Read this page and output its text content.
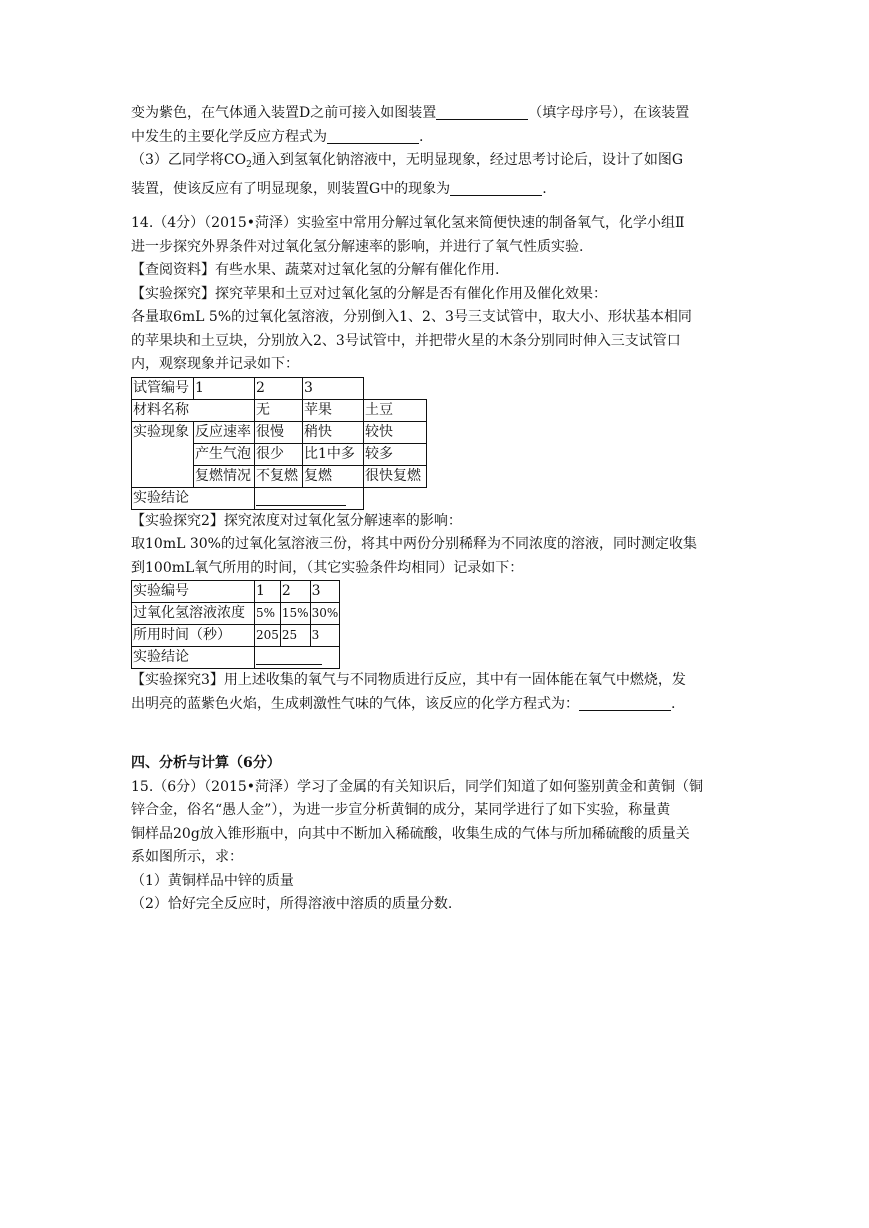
变为紫色，在气体通入装置D之前可接入如图装置	（填字母序号），在该装置

中发生的主要化学反应方程式为	.

（3）乙同学将$CO_2$通入到氢氧化钠溶液中，无明显现象，经过思考讨论后，设计了如图G

装置，使该反应有了明显现象，则装置G中的现象为	.

14.（4分）（2015•菏泽）实验室中常用分解过氧化氢来简便快速的制备氧气，化学小组Ⅱ

进一步探究外界条件对过氧化氢分解速率的影响，并进行了氧气性质实验.

【查阅资料】有些水果、蔬菜对过氧化氢的分解有催化作用.

【实验探究】探究苹果和土豆对过氧化氢的分解是否有催化作用及催化效果：

各量取6mL 5%的过氧化氢溶液，分别倒入1、2、3号三支试管中，取大小、形状基本相同

的苹果块和土豆块，分别放入2、3号试管中，并把带火星的木条分别同时伸入三支试管口

内，观察现象并记录如下：

试管编号	1	2	3	
材料名称		无	苹果	土豆
实验现象	反应速率	很慢	稍快	较快
	产生气泡	很少	比1中多	较多
	复燃情况	不复燃	复燃	很快复燃
实验结论			

【实验探究2】探究浓度对过氧化氢分解速率的影响：

取10mL 30%的过氧化氢溶液三份，将其中两份分别稀释为不同浓度的溶液，同时测定收集

到100mL氧气所用的时间，（其它实验条件均相同）记录如下：

实验编号	1	2	3
过氧化氢溶液浓度	5%	15%	30%
所用时间（秒）	205	25	3
实验结论			

【实验探究3】用上述收集的氧气与不同物质进行反应，其中有一固体能在氧气中燃烧，发

出明亮的蓝紫色火焰，生成刺激性气味的气体，该反应的化学方程式为：	.

四、分析与计算（6分）

15.（6分）（2015•菏泽）学习了金属的有关知识后，同学们知道了如何鉴别黄金和黄铜（铜

锌合金，俗名“愚人金”），为进一步宣分析黄铜的成分，某同学进行了如下实验，称量黄

铜样品20g放入锥形瓶中，向其中不断加入稀硫酸，收集生成的气体与所加稀硫酸的质量关

系如图所示，求：

（1）黄铜样品中锌的质量

（2）恰好完全反应时，所得溶液中溶质的质量分数.
